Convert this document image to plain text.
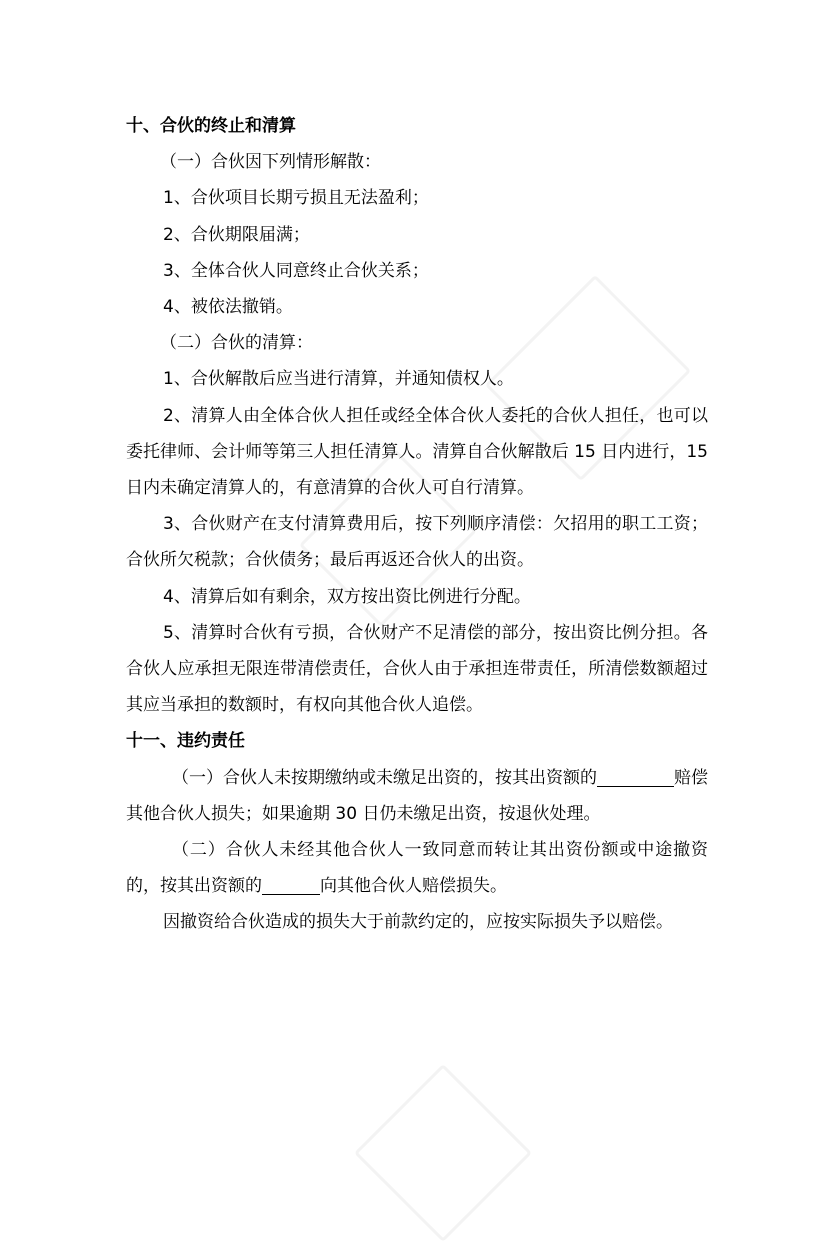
十、合伙的终止和清算

（一）合伙因下列情形解散：

1、合伙项目长期亏损且无法盈利；

2、合伙期限届满；

3、全体合伙人同意终止合伙关系；

4、被依法撤销。

（二）合伙的清算：

1、合伙解散后应当进行清算，并通知债权人。

2、清算人由全体合伙人担任或经全体合伙人委托的合伙人担任，也可以委托律师、会计师等第三人担任清算人。清算自合伙解散后 15 日内进行，15 日内未确定清算人的，有意清算的合伙人可自行清算。

3、合伙财产在支付清算费用后，按下列顺序清偿：欠招用的职工工资；合伙所欠税款；合伙债务；最后再返还合伙人的出资。

4、清算后如有剩余，双方按出资比例进行分配。

5、清算时合伙有亏损，合伙财产不足清偿的部分，按出资比例分担。各合伙人应承担无限连带清偿责任，合伙人由于承担连带责任，所清偿数额超过其应当承担的数额时，有权向其他合伙人追偿。

十一、违约责任

（一）合伙人未按期缴纳或未缴足出资的，按其出资额的	赔偿其他合伙人损失；如果逾期 30 日仍未缴足出资，按退伙处理。

（二）合伙人未经其他合伙人一致同意而转让其出资份额或中途撤资的，按其出资额的	向其他合伙人赔偿损失。

因撤资给合伙造成的损失大于前款约定的，应按实际损失予以赔偿。
